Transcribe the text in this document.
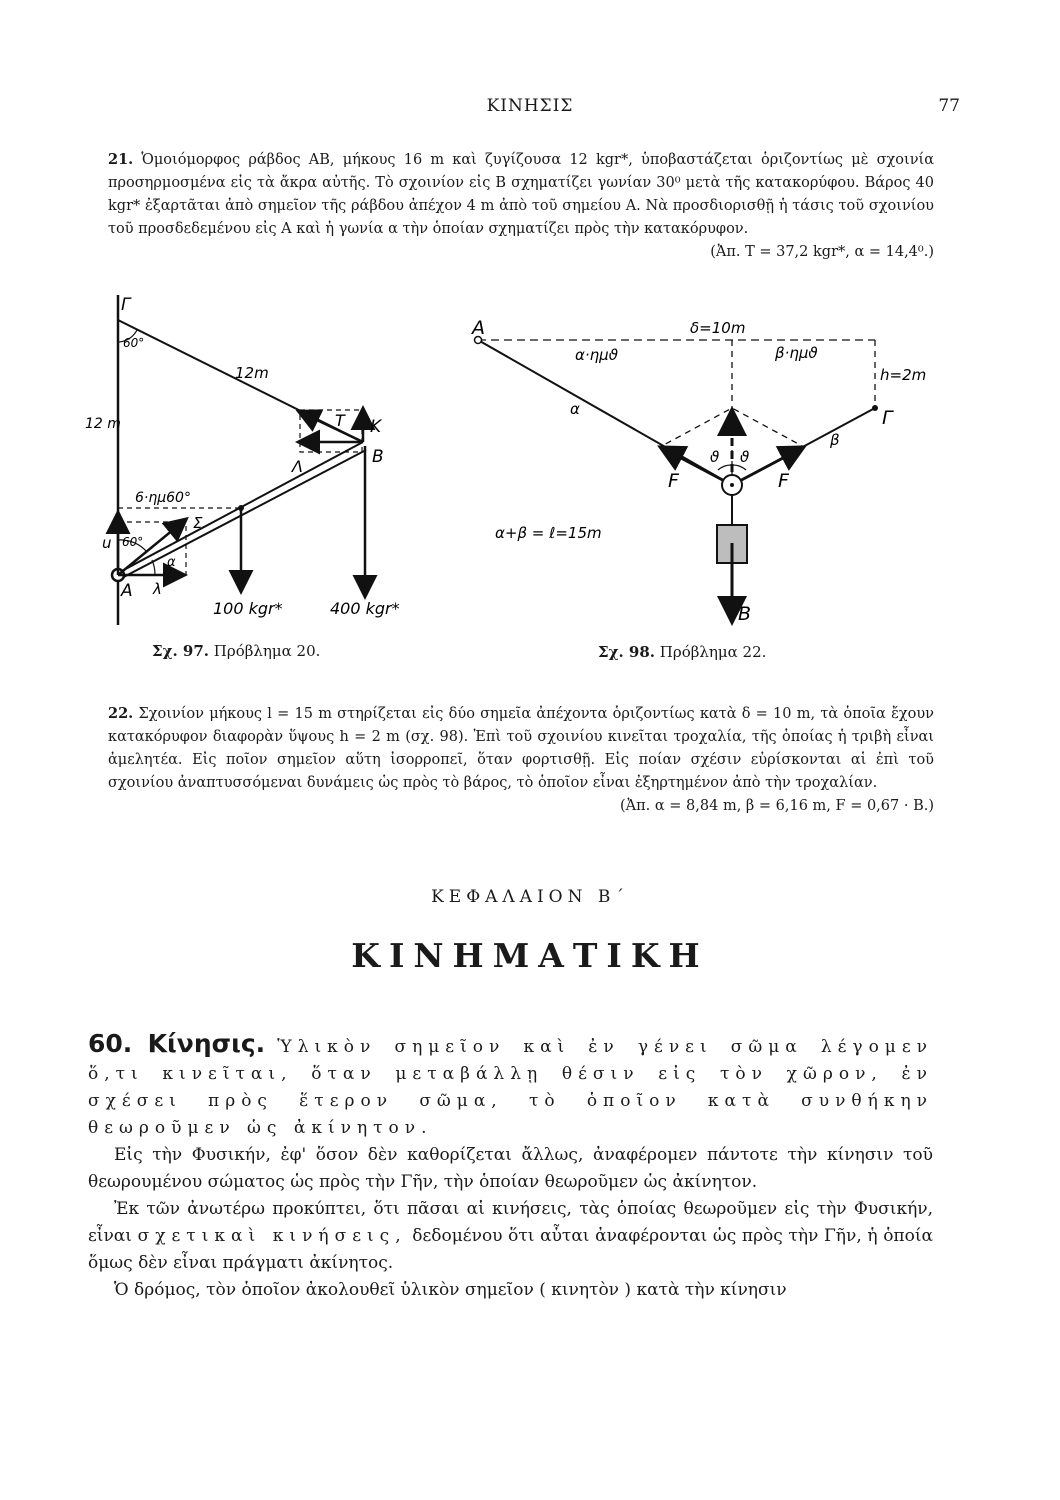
ΚΙΝΗΣΙΣ	77
21. Ὁμοιόμορφος ράβδος ΑΒ, μήκους 16 m καὶ ζυγίζουσα 12 kgr*, ὑποβαστάζεται ὁριζοντίως μὲ σχοινία προσηρμοσμένα εἰς τὰ ἄκρα αὐτῆς. Τὸ σχοινίον εἰς Β σχηματίζει γωνίαν 30⁰ μετὰ τῆς κατακορύφου. Βάρος 40 kgr* ἐξαρτᾶται ἀπὸ σημεῖον τῆς ράβδου ἀπέχον 4 m ἀπὸ τοῦ σημείου Α. Νὰ προσδιορισθῇ ἡ τάσις τοῦ σχοινίου τοῦ προσδεδεμένου εἰς Α καὶ ἡ γωνία α τὴν ὁποίαν σχηματίζει πρὸς τὴν κατακόρυφον.
(Ἀπ. Τ = 37,2 kgr*, α = 14,4⁰.)
Γ
60°
12m
12 m	T K
B
Λ
6·ημ60°
Σ
60°
u
α
A λ
100 kgr*	400 kgr*
Σχ. 97. Πρόβλημα 20.
A	δ=10m
α·ημϑ	β·ημϑ
h=2m
Γ
α
β
ϑ ϑ
F	F
α+β = ℓ=15m
B
Σχ. 98. Πρόβλημα 22.
22. Σχοινίον μήκους l = 15 m στηρίζεται εἰς δύο σημεῖα ἀπέχοντα ὁριζοντίως κατὰ δ = 10 m, τὰ ὁποῖα ἔχουν κατακόρυφον διαφορὰν ὕψους h = 2 m (σχ. 98). Ἐπὶ τοῦ σχοινίου κινεῖται τροχαλία, τῆς ὁποίας ἡ τριβὴ εἶναι ἀμελητέα. Εἰς ποῖον σημεῖον αὕτη ἰσορροπεῖ, ὅταν φορτισθῇ. Εἰς ποίαν σχέσιν εὑρίσκονται αἱ ἐπὶ τοῦ σχοινίου ἀναπτυσσόμεναι δυνάμεις ὡς πρὸς τὸ βάρος, τὸ ὁποῖον εἶναι ἐξηρτημένον ἀπὸ τὴν τροχαλίαν.
(Ἀπ. α = 8,84 m, β = 6,16 m, F = 0,67 · B.)
ΚΕΦΑΛΑΙΟΝ Β΄
ΚΙΝΗΜΑΤΙΚΗ

60. Κίνησις. Ὑλικὸν σημεῖον καὶ ἐν γένει σῶμα λέγομεν ὅ,τι κινεῖται, ὅταν μεταβάλλῃ θέσιν εἰς τὸν χῶρον, ἐν σχέσει πρὸς ἕτερον σῶμα, τὸ ὁποῖον κατὰ συνθήκην θεωροῦμεν ὡς ἀκίνητον.

Εἰς τὴν Φυσικήν, ἐφ' ὅσον δὲν καθορίζεται ἄλλως, ἀναφέρομεν πάντοτε τὴν κίνησιν τοῦ θεωρουμένου σώματος ὡς πρὸς τὴν Γῆν, τὴν ὁποίαν θεωροῦμεν ὡς ἀκίνητον.

Ἐκ τῶν ἀνωτέρω προκύπτει, ὅτι πᾶσαι αἱ κινήσεις, τὰς ὁποίας θεωροῦμεν εἰς τὴν Φυσικήν, εἶναι σχετικαὶ κινήσεις, δεδομένου ὅτι αὗται ἀναφέρονται ὡς πρὸς τὴν Γῆν, ἡ ὁποία ὅμως δὲν εἶναι πράγματι ἀκίνητος.

Ὁ δρόμος, τὸν ὁποῖον ἀκολουθεῖ ὑλικὸν σημεῖον ( κινητὸν ) κατὰ τὴν κίνησιν
